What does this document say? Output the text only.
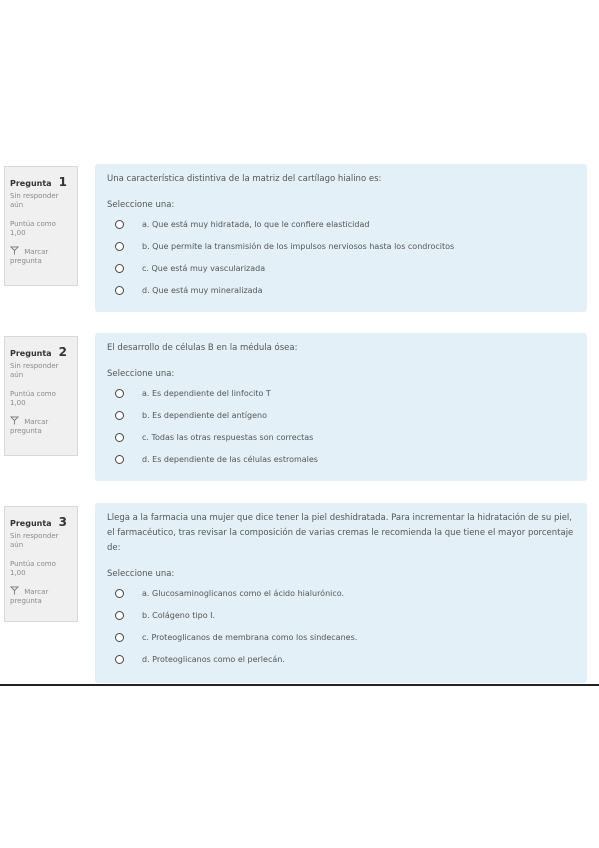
Pregunta 1
Sin responder aún
Puntúa como 1,00
Marcar pregunta
Una característica distintiva de la matriz del cartílago hialino es:
Seleccione una:
a. Que está muy hidratada, lo que le confiere elasticidad
b. Que permite la transmisión de los impulsos nerviosos hasta los condrocitos
c. Que está muy vascularizada
d. Que está muy mineralizada
Pregunta 2
Sin responder aún
Puntúa como 1,00
Marcar pregunta
El desarrollo de células B en la médula ósea:
Seleccione una:
a. Es dependiente del linfocito T
b. Es dependiente del antígeno
c. Todas las otras respuestas son correctas
d. Es dependiente de las células estromales
Pregunta 3
Sin responder aún
Puntúa como 1,00
Marcar pregunta
Llega a la farmacia una mujer que dice tener la piel deshidratada. Para incrementar la hidratación de su piel, el farmacéutico, tras revisar la composición de varias cremas le recomienda la que tiene el mayor porcentaje de:
Seleccione una:
a. Glucosaminoglicanos como el ácido hialurónico.
b. Colágeno tipo I.
c. Proteoglicanos de membrana como los sindecanes.
d. Proteoglicanos como el perlecán.
